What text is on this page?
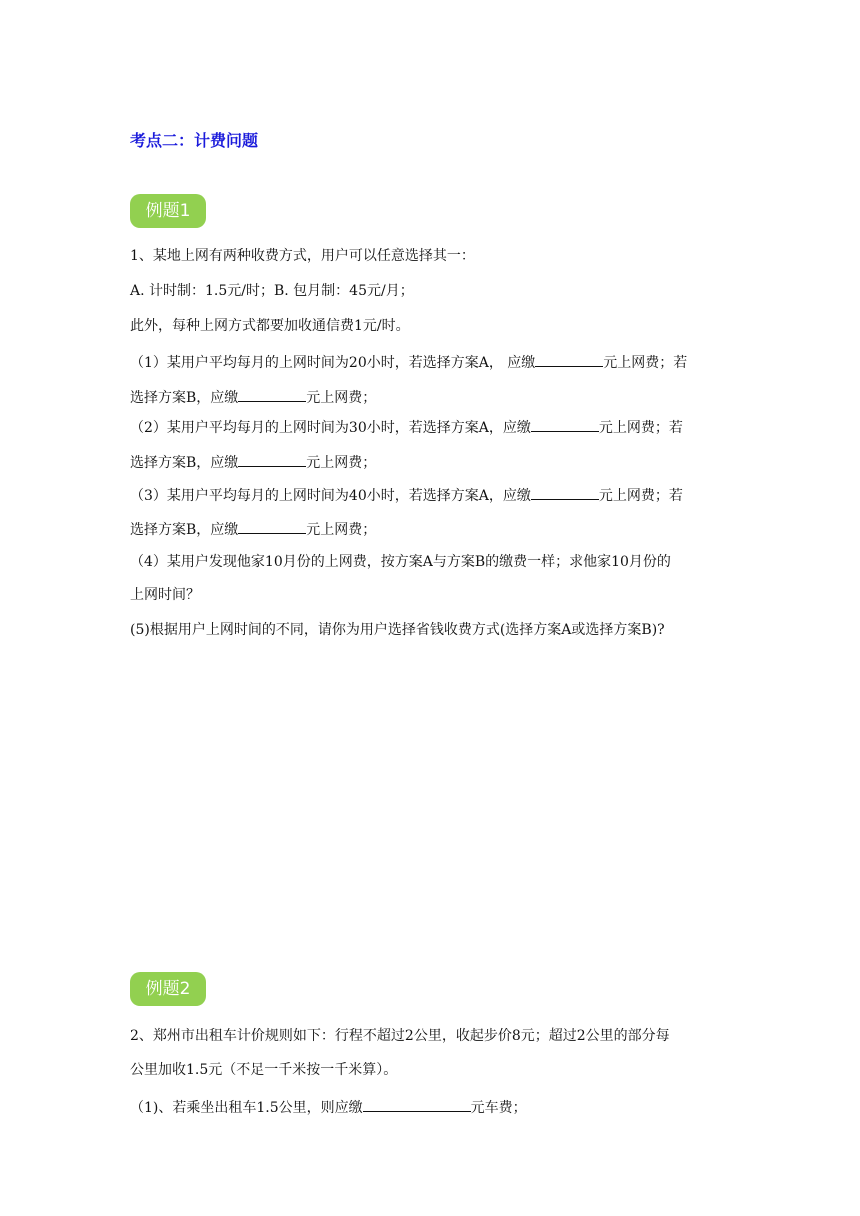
考点二：计费问题
例题1
1、某地上网有两种收费方式，用户可以任意选择其一：
A. 计时制：1.5元/时；B. 包月制：45元/月；
此外，每种上网方式都要加收通信费1元/时。
（1）某用户平均每月的上网时间为20小时，若选择方案A， 应缴	元上网费；若
选择方案B，应缴	元上网费；
（2）某用户平均每月的上网时间为30小时，若选择方案A，应缴	元上网费；若
选择方案B，应缴	元上网费；
（3）某用户平均每月的上网时间为40小时，若选择方案A，应缴	元上网费；若
选择方案B，应缴	元上网费；
（4）某用户发现他家10月份的上网费，按方案A与方案B的缴费一样；求他家10月份的
上网时间？
(5)根据用户上网时间的不同，请你为用户选择省钱收费方式(选择方案A或选择方案B)?
例题2
2、郑州市出租车计价规则如下：行程不超过2公里，收起步价8元；超过2公里的部分每
公里加收1.5元（不足一千米按一千米算）。
（1)、若乘坐出租车1.5公里，则应缴	元车费；
